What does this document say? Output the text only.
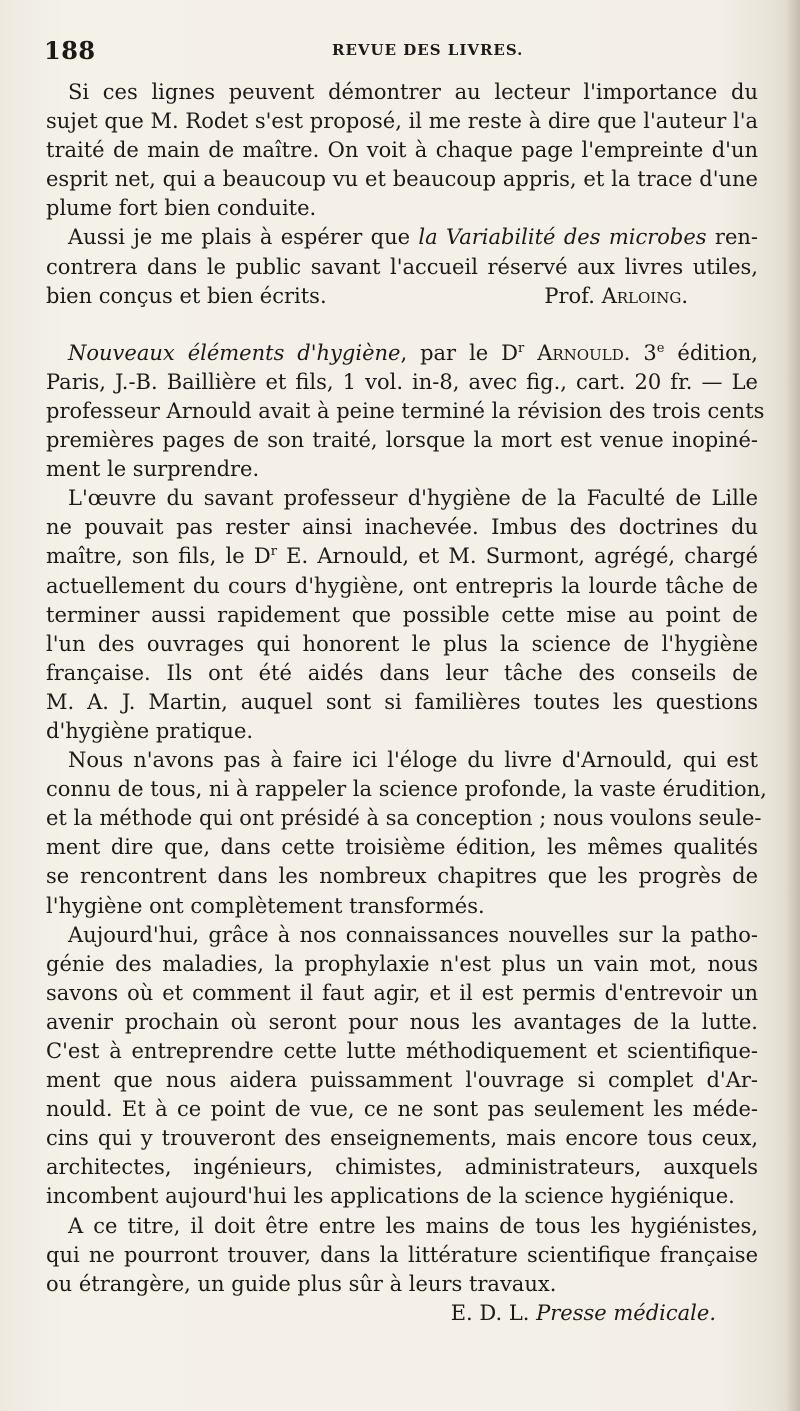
188	REVUE DES LIVRES.
Si ces lignes peuvent démontrer au lecteur l'importance du
sujet que M. Rodet s'est proposé, il me reste à dire que l'auteur l'a
traité de main de maître. On voit à chaque page l'empreinte d'un
esprit net, qui a beaucoup vu et beaucoup appris, et la trace d'une
plume fort bien conduite.
Aussi je me plais à espérer que la Variabilité des microbes ren-
contrera dans le public savant l'accueil réservé aux livres utiles,
bien conçus et bien écrits.	Prof. Arloing.
Nouveaux éléments d'hygiène, par le $D^r$ Arnould. 3e édition,
Paris, J.-B. Baillière et fils, 1 vol. in-8, avec fig., cart. 20 fr. — Le
professeur Arnould avait à peine terminé la révision des trois cents
premières pages de son traité, lorsque la mort est venue inopiné-
ment le surprendre.
L'œuvre du savant professeur d'hygiène de la Faculté de Lille
ne pouvait pas rester ainsi inachevée. Imbus des doctrines du
maître, son fils, le $D^r$ E. Arnould, et M. Surmont, agrégé, chargé
actuellement du cours d'hygiène, ont entrepris la lourde tâche de
terminer aussi rapidement que possible cette mise au point de
l'un des ouvrages qui honorent le plus la science de l'hygiène
française. Ils ont été aidés dans leur tâche des conseils de
M. A. J. Martin, auquel sont si familières toutes les questions
d'hygiène pratique.
Nous n'avons pas à faire ici l'éloge du livre d'Arnould, qui est
connu de tous, ni à rappeler la science profonde, la vaste érudition,
et la méthode qui ont présidé à sa conception ; nous voulons seule-
ment dire que, dans cette troisième édition, les mêmes qualités
se rencontrent dans les nombreux chapitres que les progrès de
l'hygiène ont complètement transformés.
Aujourd'hui, grâce à nos connaissances nouvelles sur la patho-
génie des maladies, la prophylaxie n'est plus un vain mot, nous
savons où et comment il faut agir, et il est permis d'entrevoir un
avenir prochain où seront pour nous les avantages de la lutte.
C'est à entreprendre cette lutte méthodiquement et scientifique-
ment que nous aidera puissamment l'ouvrage si complet d'Ar-
nould. Et à ce point de vue, ce ne sont pas seulement les méde-
cins qui y trouveront des enseignements, mais encore tous ceux,
architectes, ingénieurs, chimistes, administrateurs, auxquels
incombent aujourd'hui les applications de la science hygiénique.
A ce titre, il doit être entre les mains de tous les hygiénistes,
qui ne pourront trouver, dans la littérature scientifique française
ou étrangère, un guide plus sûr à leurs travaux.
E. D. L. Presse médicale.
